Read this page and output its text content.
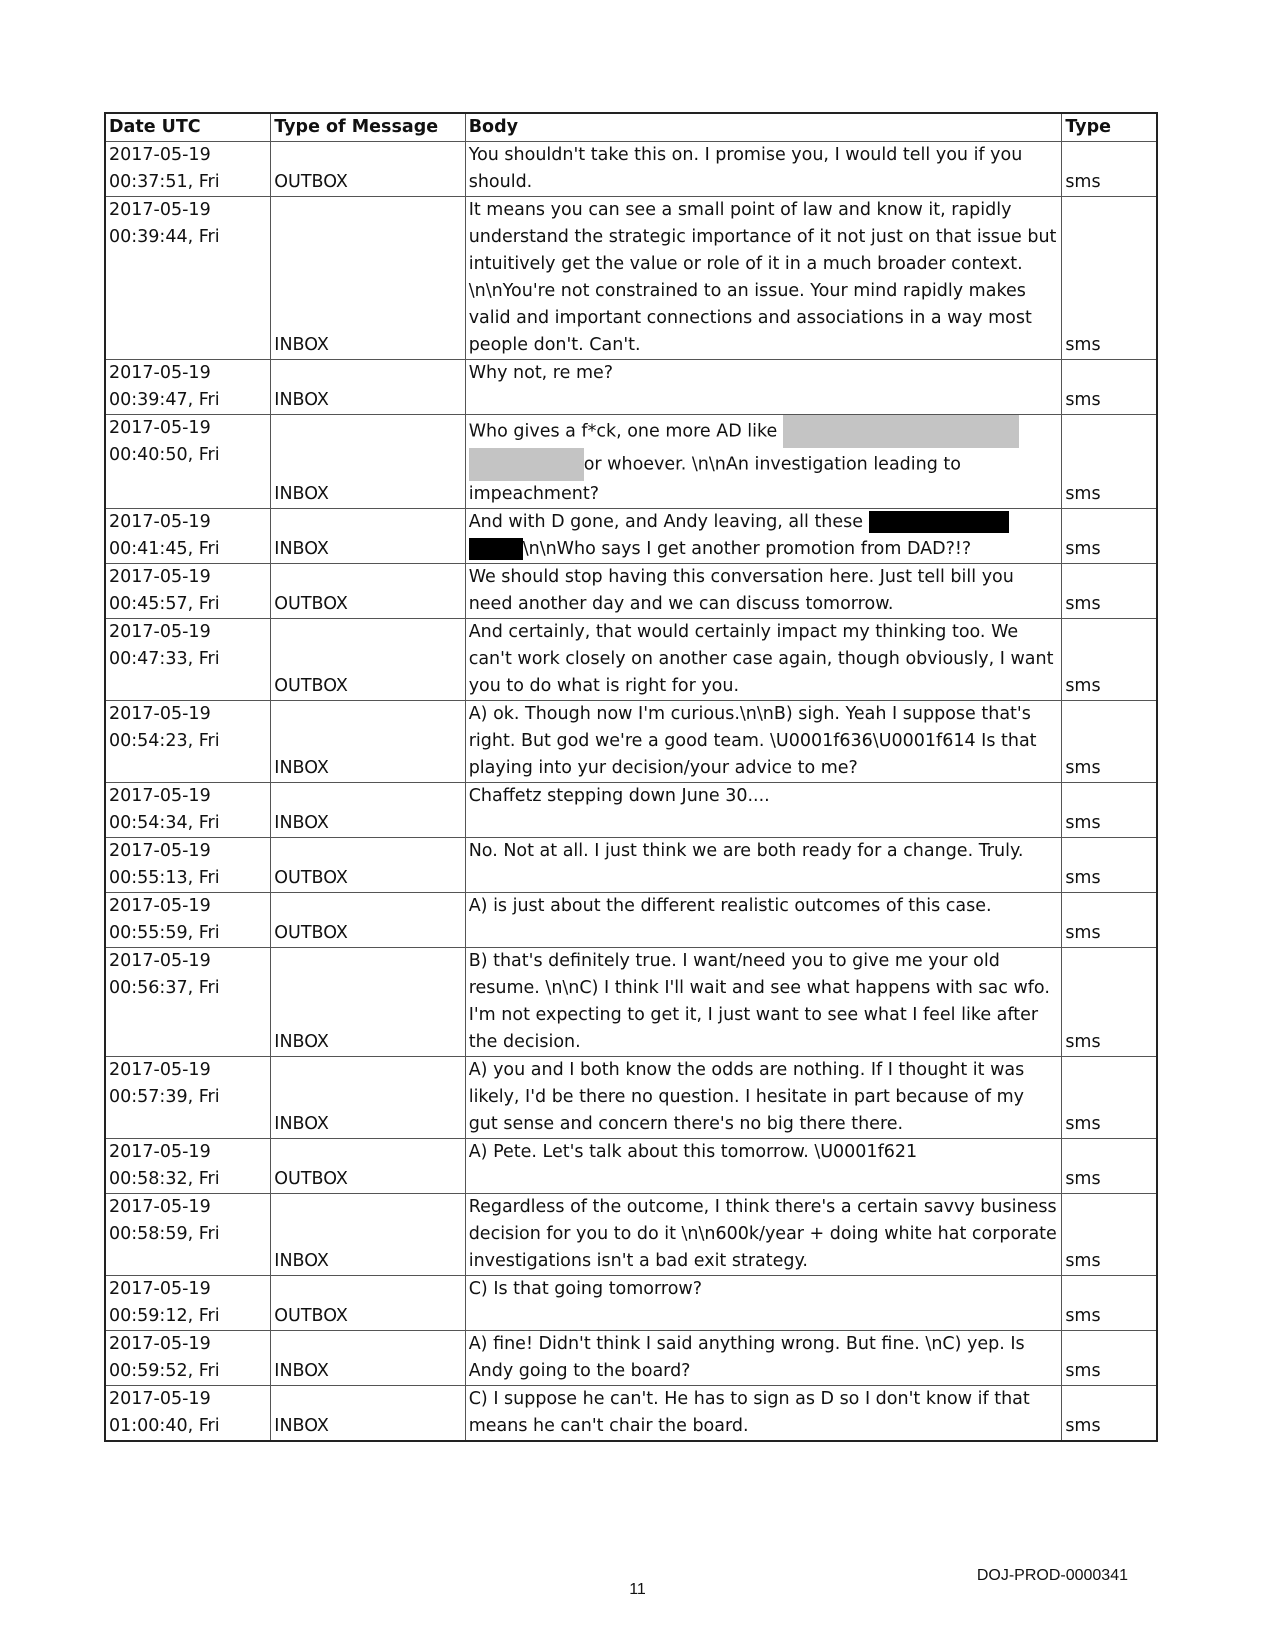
Date UTC	Type of Message	Body	Type
2017-05-19
00:37:51, Fri	OUTBOX	You shouldn't take this on. I promise you, I would tell you if you should.	sms
2017-05-19
00:39:44, Fri	INBOX	It means you can see a small point of law and know it, rapidly understand the strategic importance of it not just on that issue but intuitively get the value or role of it in a much broader context. \n\nYou're not constrained to an issue. Your mind rapidly makes valid and important connections and associations in a way most people don't. Can't.	sms
2017-05-19
00:39:47, Fri	INBOX	Why not, re me?	sms
2017-05-19
00:40:50, Fri	INBOX	Who gives a f*ck, one more AD like
or whoever. \n\nAn investigation leading to impeachment?	sms
2017-05-19
00:41:45, Fri	INBOX	And with D gone, and Andy leaving, all these
\n\nWho says I get another promotion from DAD?!?	sms
2017-05-19
00:45:57, Fri	OUTBOX	We should stop having this conversation here. Just tell bill you need another day and we can discuss tomorrow.	sms
2017-05-19
00:47:33, Fri	OUTBOX	And certainly, that would certainly impact my thinking too. We can't work closely on another case again, though obviously, I want you to do what is right for you.	sms
2017-05-19
00:54:23, Fri	INBOX	A) ok. Though now I'm curious.\n\nB) sigh. Yeah I suppose that's right. But god we're a good team. \U0001f636\U0001f614 Is that playing into yur decision/your advice to me?	sms
2017-05-19
00:54:34, Fri	INBOX	Chaffetz stepping down June 30....	sms
2017-05-19
00:55:13, Fri	OUTBOX	No. Not at all. I just think we are both ready for a change. Truly.	sms
2017-05-19
00:55:59, Fri	OUTBOX	A) is just about the different realistic outcomes of this case.	sms
2017-05-19
00:56:37, Fri	INBOX	B) that's definitely true. I want/need you to give me your old resume. \n\nC) I think I'll wait and see what happens with sac wfo. I'm not expecting to get it, I just want to see what I feel like after the decision.	sms
2017-05-19
00:57:39, Fri	INBOX	A) you and I both know the odds are nothing. If I thought it was likely, I'd be there no question. I hesitate in part because of my gut sense and concern there's no big there there.	sms
2017-05-19
00:58:32, Fri	OUTBOX	A) Pete. Let's talk about this tomorrow. \U0001f621	sms
2017-05-19
00:58:59, Fri	INBOX	Regardless of the outcome, I think there's a certain savvy business decision for you to do it \n\n600k/year + doing white hat corporate investigations isn't a bad exit strategy.	sms
2017-05-19
00:59:12, Fri	OUTBOX	C) Is that going tomorrow?	sms
2017-05-19
00:59:52, Fri	INBOX	A) fine! Didn't think I said anything wrong. But fine. \nC) yep. Is Andy going to the board?	sms
2017-05-19
01:00:40, Fri	INBOX	C) I suppose he can't. He has to sign as D so I don't know if that means he can't chair the board.	sms
11
DOJ-PROD-0000341
